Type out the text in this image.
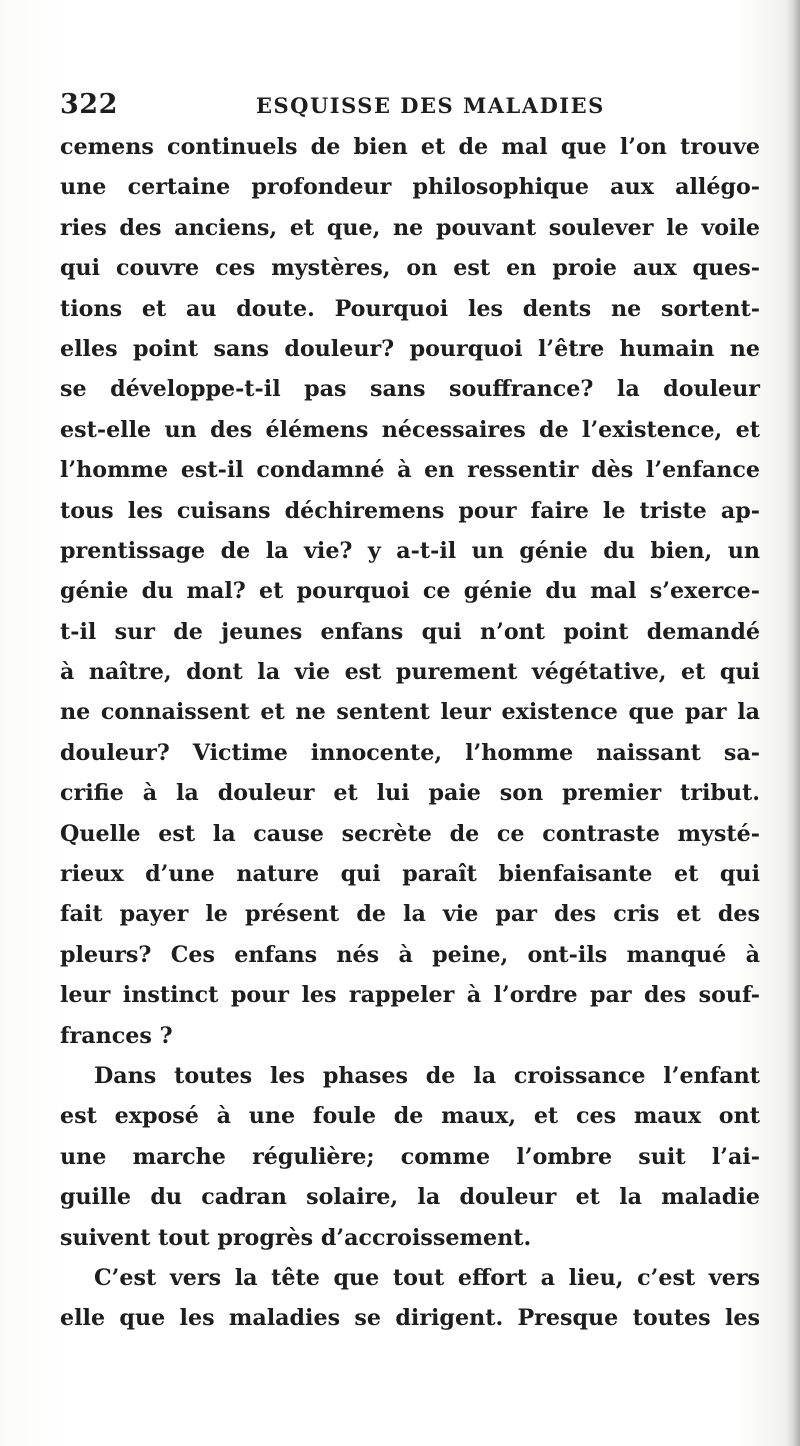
322	ESQUISSE DES MALADIES
cemens continuels de bien et de mal que l’on trouve
une certaine profondeur philosophique aux allégo-
ries des anciens, et que, ne pouvant soulever le voile
qui couvre ces mystères, on est en proie aux ques-
tions et au doute. Pourquoi les dents ne sortent-
elles point sans douleur? pourquoi l’être humain ne
se développe-t-il pas sans souffrance? la douleur
est-elle un des élémens nécessaires de l’existence, et
l’homme est-il condamné à en ressentir dès l’enfance
tous les cuisans déchiremens pour faire le triste ap-
prentissage de la vie? y a-t-il un génie du bien, un
génie du mal? et pourquoi ce génie du mal s’exerce-
t-il sur de jeunes enfans qui n’ont point demandé
à naître, dont la vie est purement végétative, et qui
ne connaissent et ne sentent leur existence que par la
douleur? Victime innocente, l’homme naissant sa-
crifie à la douleur et lui paie son premier tribut.
Quelle est la cause secrète de ce contraste mysté-
rieux d’une nature qui paraît bienfaisante et qui
fait payer le présent de la vie par des cris et des
pleurs? Ces enfans nés à peine, ont-ils manqué à
leur instinct pour les rappeler à l’ordre par des souf-
frances ?
Dans toutes les phases de la croissance l’enfant
est exposé à une foule de maux, et ces maux ont
une marche régulière; comme l’ombre suit l’ai-
guille du cadran solaire, la douleur et la maladie
suivent tout progrès d’accroissement.
C’est vers la tête que tout effort a lieu, c’est vers
elle que les maladies se dirigent. Presque toutes les
